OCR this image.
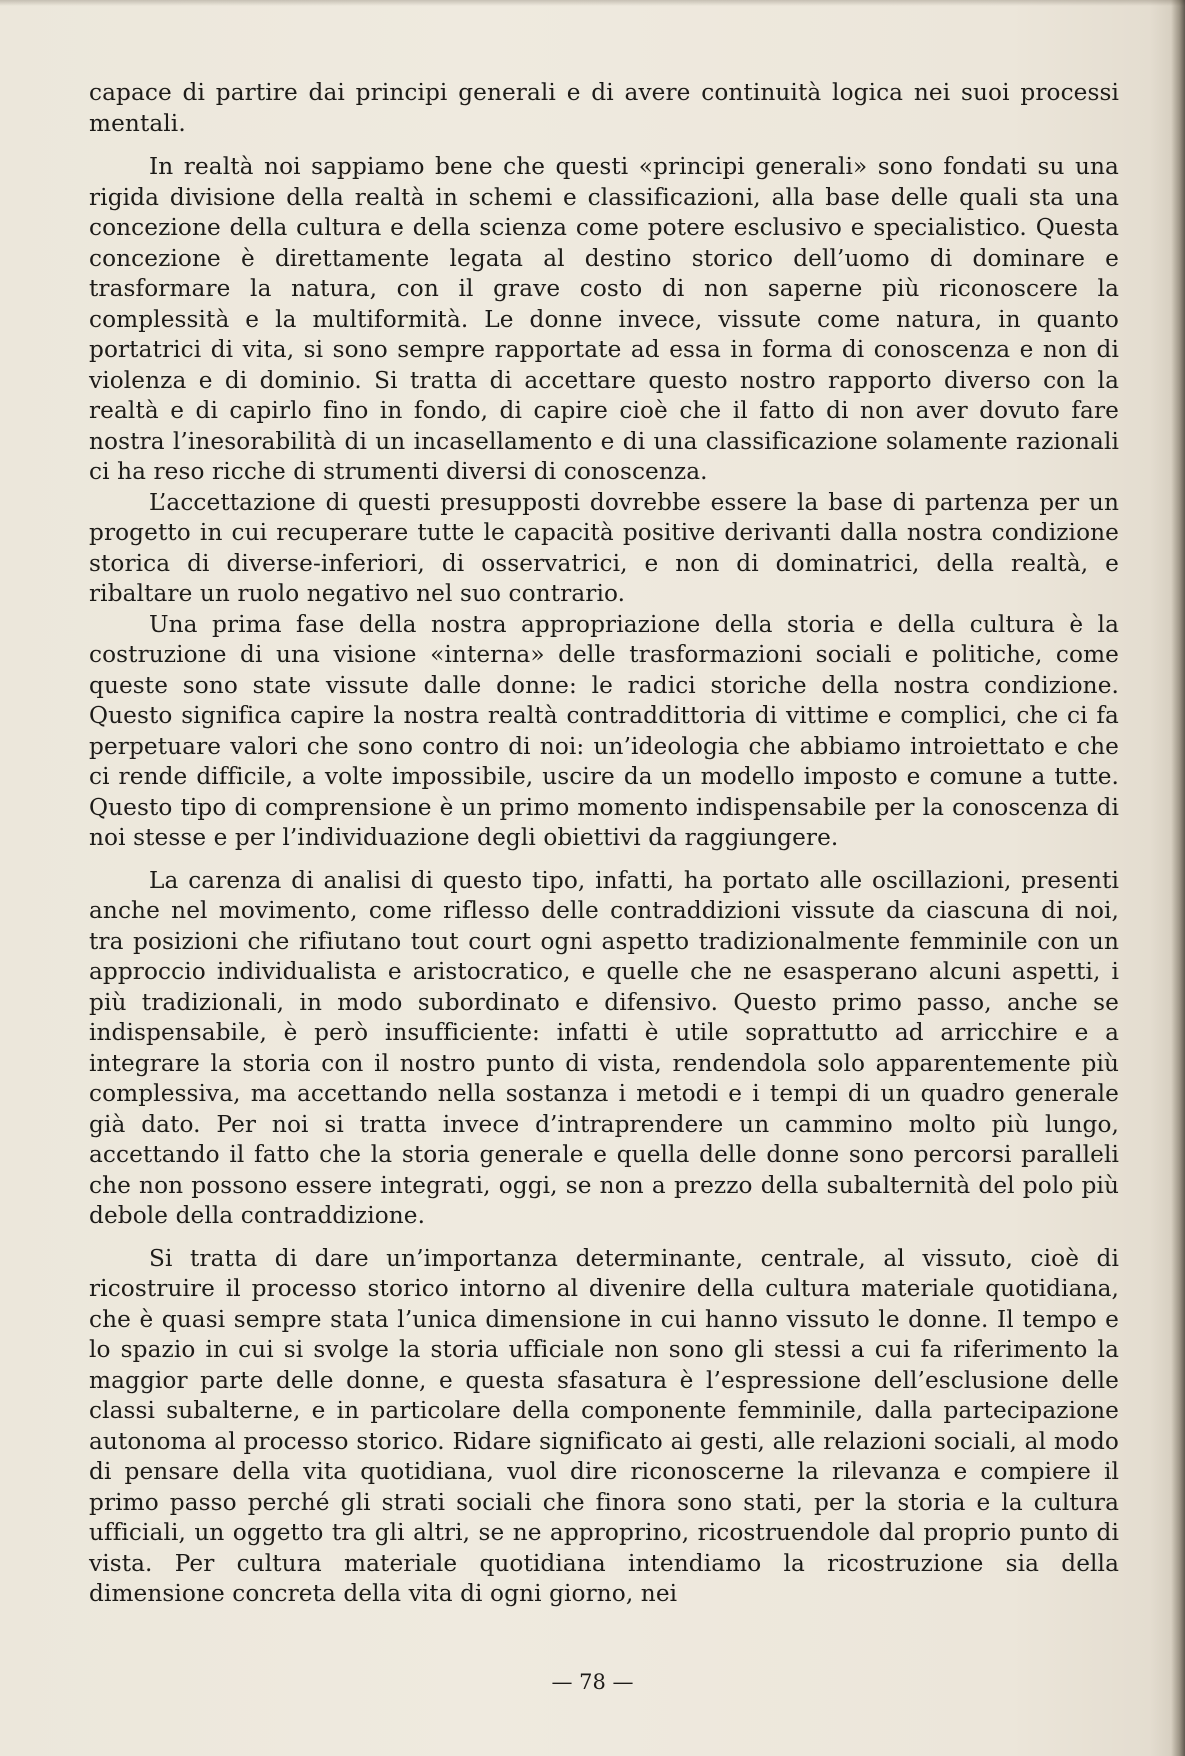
capace di partire dai principi generali e di avere continuità logica nei suoi processi mentali.

In realtà noi sappiamo bene che questi «principi generali» sono fondati su una rigida divisione della realtà in schemi e classificazioni, alla base delle quali sta una concezione della cultura e della scienza come potere esclusivo e specialistico. Questa concezione è direttamente legata al destino storico dell’uomo di dominare e trasformare la natura, con il grave costo di non saperne più riconoscere la complessità e la multiformità. Le donne invece, vissute come natura, in quanto portatrici di vita, si sono sempre rapportate ad essa in forma di conoscenza e non di violenza e di dominio. Si tratta di accettare questo nostro rapporto diverso con la realtà e di capirlo fino in fondo, di capire cioè che il fatto di non aver dovuto fare nostra l’inesorabilità di un incasellamento e di una classificazione solamente razionali ci ha reso ricche di strumenti diversi di conoscenza.

L’accettazione di questi presupposti dovrebbe essere la base di partenza per un progetto in cui recuperare tutte le capacità positive derivanti dalla nostra condizione storica di diverse-inferiori, di osservatrici, e non di dominatrici, della realtà, e ribaltare un ruolo negativo nel suo contrario.

Una prima fase della nostra appropriazione della storia e della cultura è la costruzione di una visione «interna» delle trasformazioni sociali e politiche, come queste sono state vissute dalle donne: le radici storiche della nostra condizione. Questo significa capire la nostra realtà contraddittoria di vittime e complici, che ci fa perpetuare valori che sono contro di noi: un’ideologia che abbiamo introiettato e che ci rende difficile, a volte impossibile, uscire da un modello imposto e comune a tutte. Questo tipo di comprensione è un primo momento indispensabile per la conoscenza di noi stesse e per l’individuazione degli obiettivi da raggiungere.

La carenza di analisi di questo tipo, infatti, ha portato alle oscillazioni, presenti anche nel movimento, come riflesso delle contraddizioni vissute da ciascuna di noi, tra posizioni che rifiutano tout court ogni aspetto tradizionalmente femminile con un approccio individualista e aristocratico, e quelle che ne esasperano alcuni aspetti, i più tradizionali, in modo subordinato e difensivo. Questo primo passo, anche se indispensabile, è però insufficiente: infatti è utile soprattutto ad arricchire e a integrare la storia con il nostro punto di vista, rendendola solo apparentemente più complessiva, ma accettando nella sostanza i metodi e i tempi di un quadro generale già dato. Per noi si tratta invece d’intraprendere un cammino molto più lungo, accettando il fatto che la storia generale e quella delle donne sono percorsi paralleli che non possono essere integrati, oggi, se non a prezzo della subalternità del polo più debole della contraddizione.

Si tratta di dare un’importanza determinante, centrale, al vissuto, cioè di ricostruire il processo storico intorno al divenire della cultura materiale quotidiana, che è quasi sempre stata l’unica dimensione in cui hanno vissuto le donne. Il tempo e lo spazio in cui si svolge la storia ufficiale non sono gli stessi a cui fa riferimento la maggior parte delle donne, e questa sfasatura è l’espressione dell’esclusione delle classi subalterne, e in particolare della componente femminile, dalla partecipazione autonoma al processo storico. Ridare significato ai gesti, alle relazioni sociali, al modo di pensare della vita quotidiana, vuol dire riconoscerne la rilevanza e compiere il primo passo perché gli strati sociali che finora sono stati, per la storia e la cultura ufficiali, un oggetto tra gli altri, se ne approprino, ricostruendole dal proprio punto di vista. Per cultura materiale quotidiana intendiamo la ricostruzione sia della dimensione concreta della vita di ogni giorno, nei

— 78 —
